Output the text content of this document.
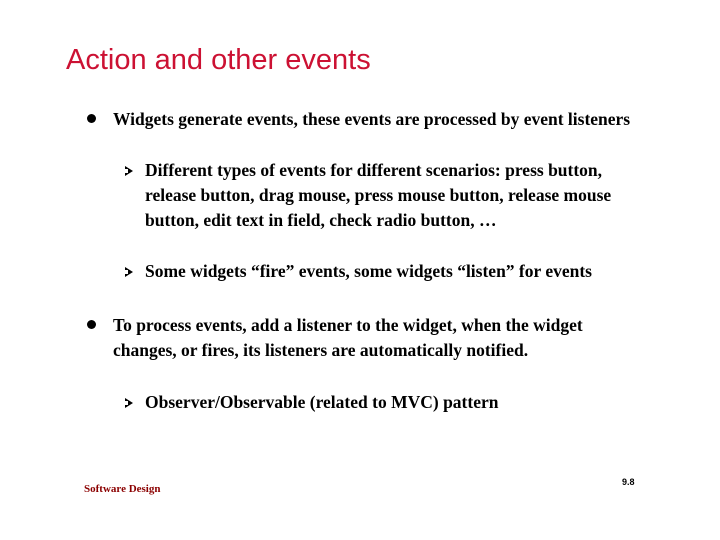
Action and other events
Widgets generate events, these events are processed by event listeners
Different types of events for different scenarios: press button, release button, drag mouse, press mouse button, release mouse button, edit text in field, check radio button, …
Some widgets “fire” events, some widgets “listen” for events
To process events, add a listener to the widget, when the widget changes, or fires, its listeners are automatically notified.
Observer/Observable (related to MVC) pattern
Software Design
9.8
